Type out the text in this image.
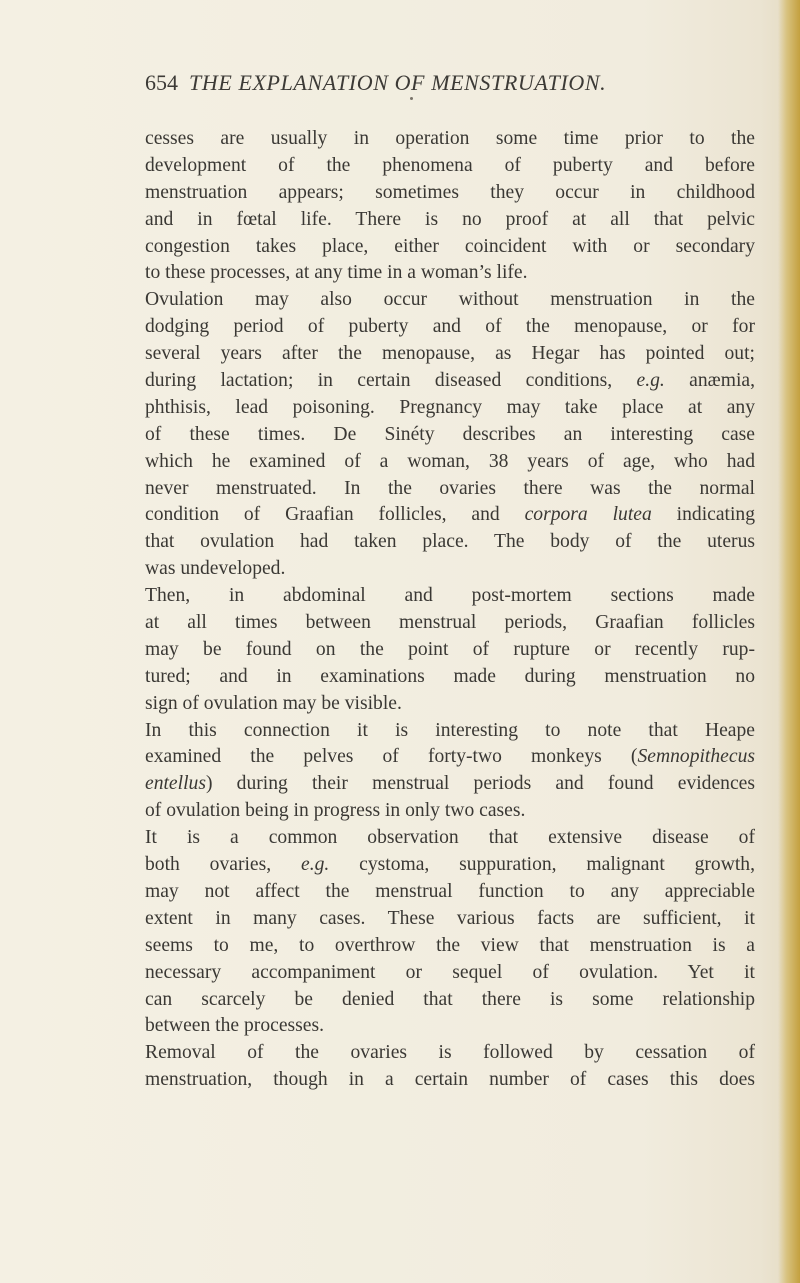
654 THE EXPLANATION OF MENSTRUATION.
cesses are usually in operation some time prior to the
development of the phenomena of puberty and before
menstruation appears; sometimes they occur in childhood
and in fœtal life. There is no proof at all that pelvic
congestion takes place, either coincident with or secondary
to these processes, at any time in a woman’s life.
Ovulation may also occur without menstruation in the
dodging period of puberty and of the menopause, or for
several years after the menopause, as Hegar has pointed out;
during lactation; in certain diseased conditions, e.g. anæmia,
phthisis, lead poisoning. Pregnancy may take place at any
of these times. De Sinéty describes an interesting case
which he examined of a woman, 38 years of age, who had
never menstruated. In the ovaries there was the normal
condition of Graafian follicles, and corpora lutea indicating
that ovulation had taken place. The body of the uterus
was undeveloped.
Then, in abdominal and post-mortem sections made
at all times between menstrual periods, Graafian follicles
may be found on the point of rupture or recently rup-
tured; and in examinations made during menstruation no
sign of ovulation may be visible.
In this connection it is interesting to note that Heape
examined the pelves of forty-two monkeys (Semnopithecus
entellus) during their menstrual periods and found evidences
of ovulation being in progress in only two cases.
It is a common observation that extensive disease of
both ovaries, e.g. cystoma, suppuration, malignant growth,
may not affect the menstrual function to any appreciable
extent in many cases. These various facts are sufficient, it
seems to me, to overthrow the view that menstruation is a
necessary accompaniment or sequel of ovulation. Yet it
can scarcely be denied that there is some relationship
between the processes.
Removal of the ovaries is followed by cessation of
menstruation, though in a certain number of cases this does
